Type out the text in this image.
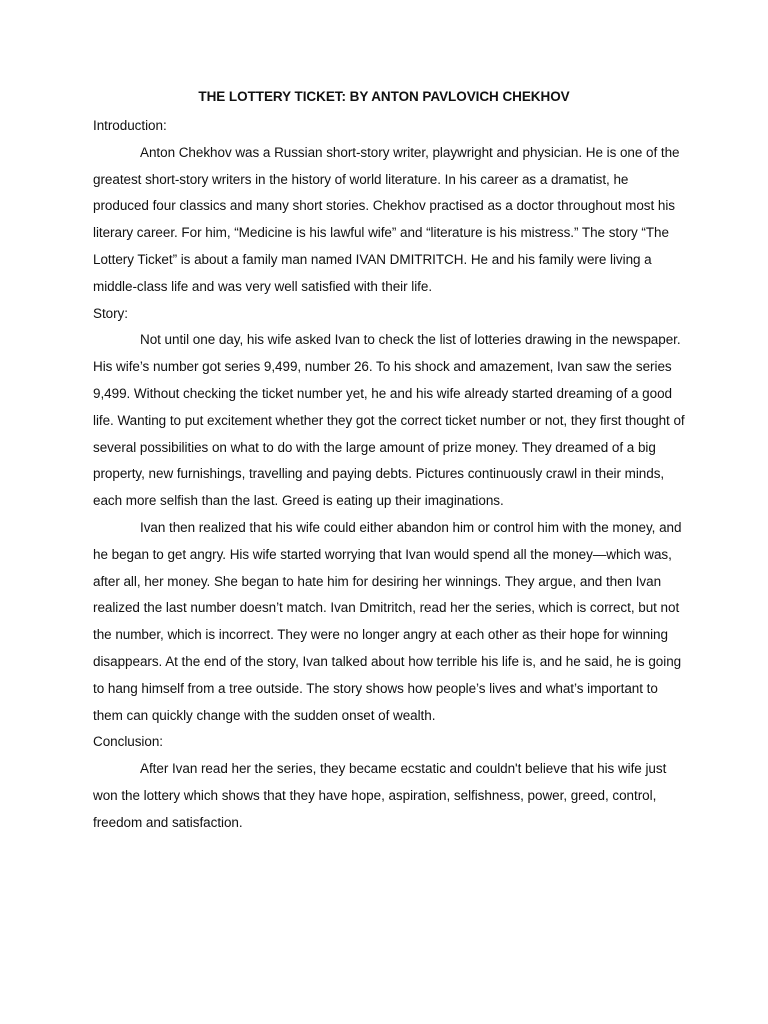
THE LOTTERY TICKET: BY ANTON PAVLOVICH CHEKHOV

Introduction:

Anton Chekhov was a Russian short-story writer, playwright and physician. He is one of the greatest short-story writers in the history of world literature. In his career as a dramatist, he produced four classics and many short stories. Chekhov practised as a doctor throughout most his literary career. For him, “Medicine is his lawful wife” and “literature is his mistress.” The story “The Lottery Ticket” is about a family man named IVAN DMITRITCH. He and his family were living a middle-class life and was very well satisfied with their life.

Story:

Not until one day, his wife asked Ivan to check the list of lotteries drawing in the newspaper. His wife’s number got series 9,499, number 26. To his shock and amazement, Ivan saw the series 9,499. Without checking the ticket number yet, he and his wife already started dreaming of a good life. Wanting to put excitement whether they got the correct ticket number or not, they first thought of several possibilities on what to do with the large amount of prize money. They dreamed of a big property, new furnishings, travelling and paying debts. Pictures continuously crawl in their minds, each more selfish than the last. Greed is eating up their imaginations.

Ivan then realized that his wife could either abandon him or control him with the money, and he began to get angry. His wife started worrying that Ivan would spend all the money—which was, after all, her money. She began to hate him for desiring her winnings. They argue, and then Ivan realized the last number doesn’t match. Ivan Dmitritch, read her the series, which is correct, but not the number, which is incorrect. They were no longer angry at each other as their hope for winning disappears. At the end of the story, Ivan talked about how terrible his life is, and he said, he is going to hang himself from a tree outside. The story shows how people’s lives and what’s important to them can quickly change with the sudden onset of wealth.

Conclusion:

After Ivan read her the series, they became ecstatic and couldn't believe that his wife just won the lottery which shows that they have hope, aspiration, selfishness, power, greed, control, freedom and satisfaction.
